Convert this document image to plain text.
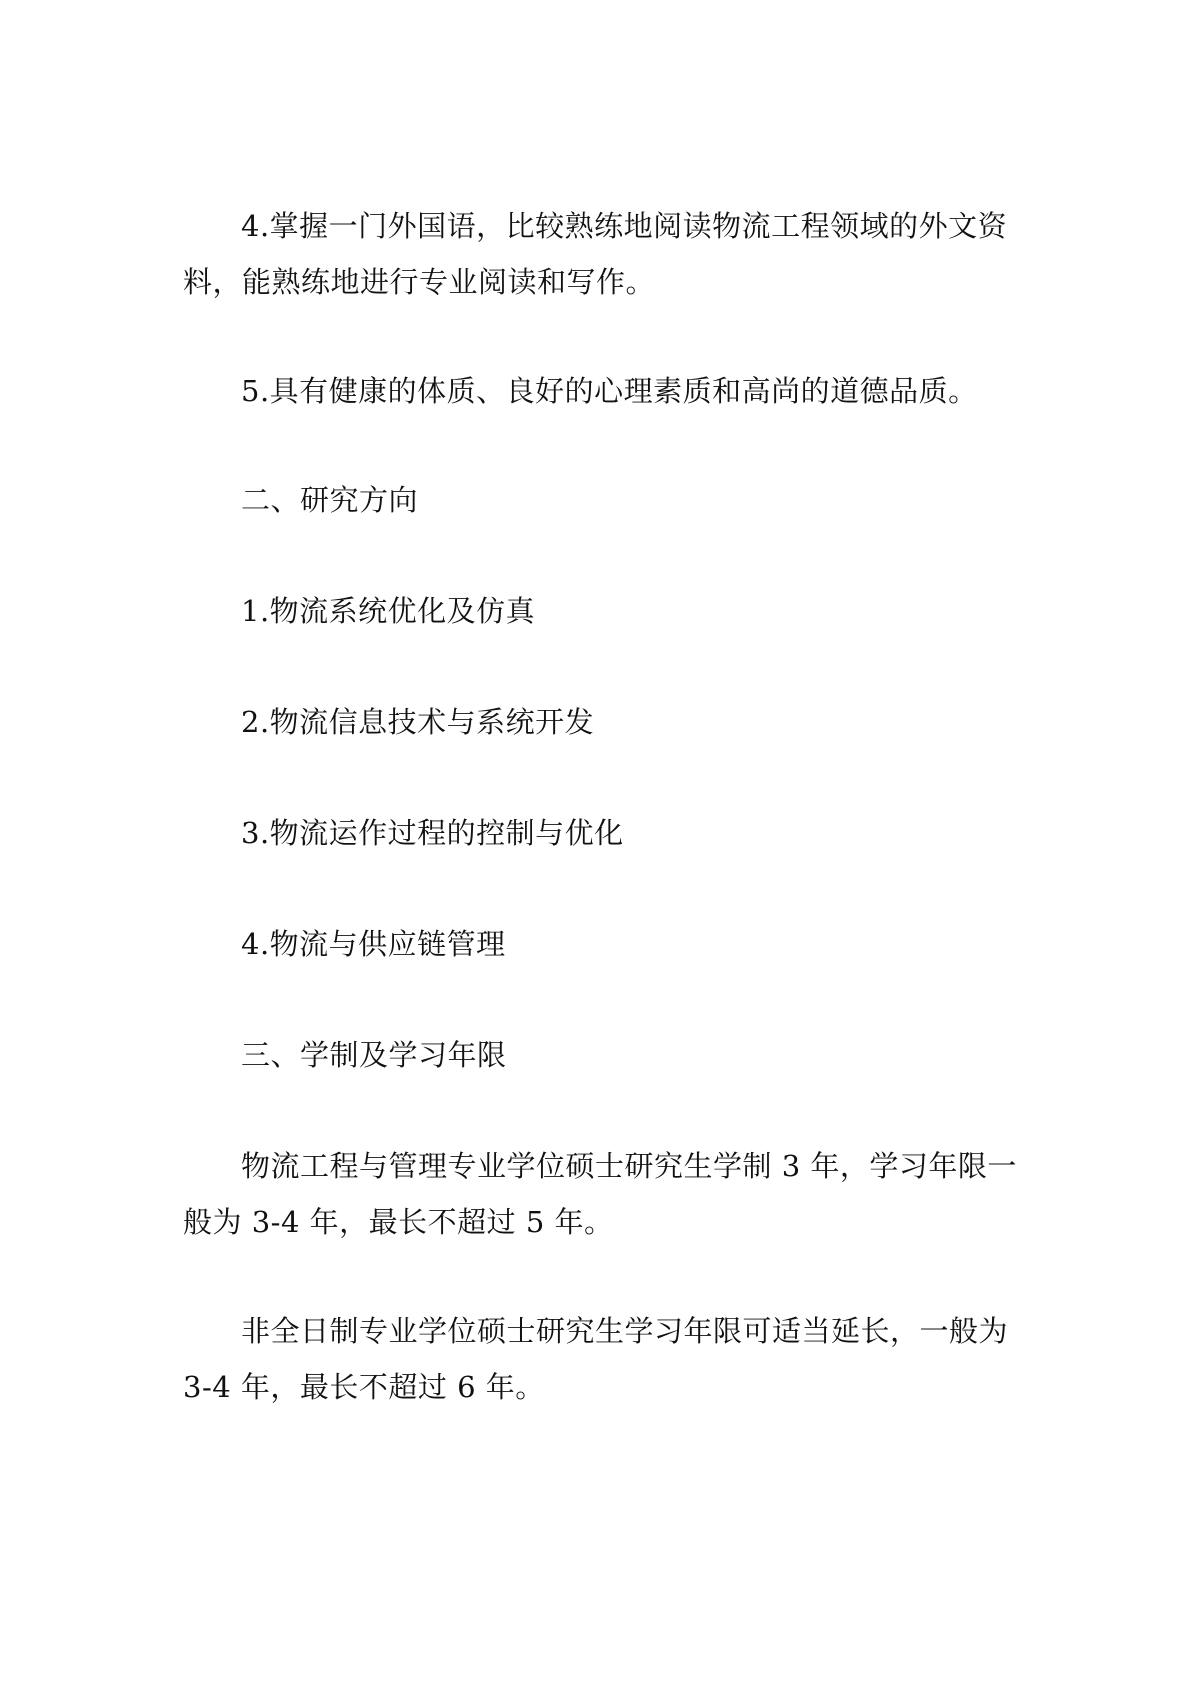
4.掌握一门外国语，比较熟练地阅读物流工程领域的外文资料，能熟练地进行专业阅读和写作。

5.具有健康的体质、良好的心理素质和高尚的道德品质。

二、研究方向

1.物流系统优化及仿真

2.物流信息技术与系统开发

3.物流运作过程的控制与优化

4.物流与供应链管理

三、学制及学习年限

物流工程与管理专业学位硕士研究生学制 3 年，学习年限一般为 3-4 年，最长不超过 5 年。

非全日制专业学位硕士研究生学习年限可适当延长，一般为 3-4 年，最长不超过 6 年。
